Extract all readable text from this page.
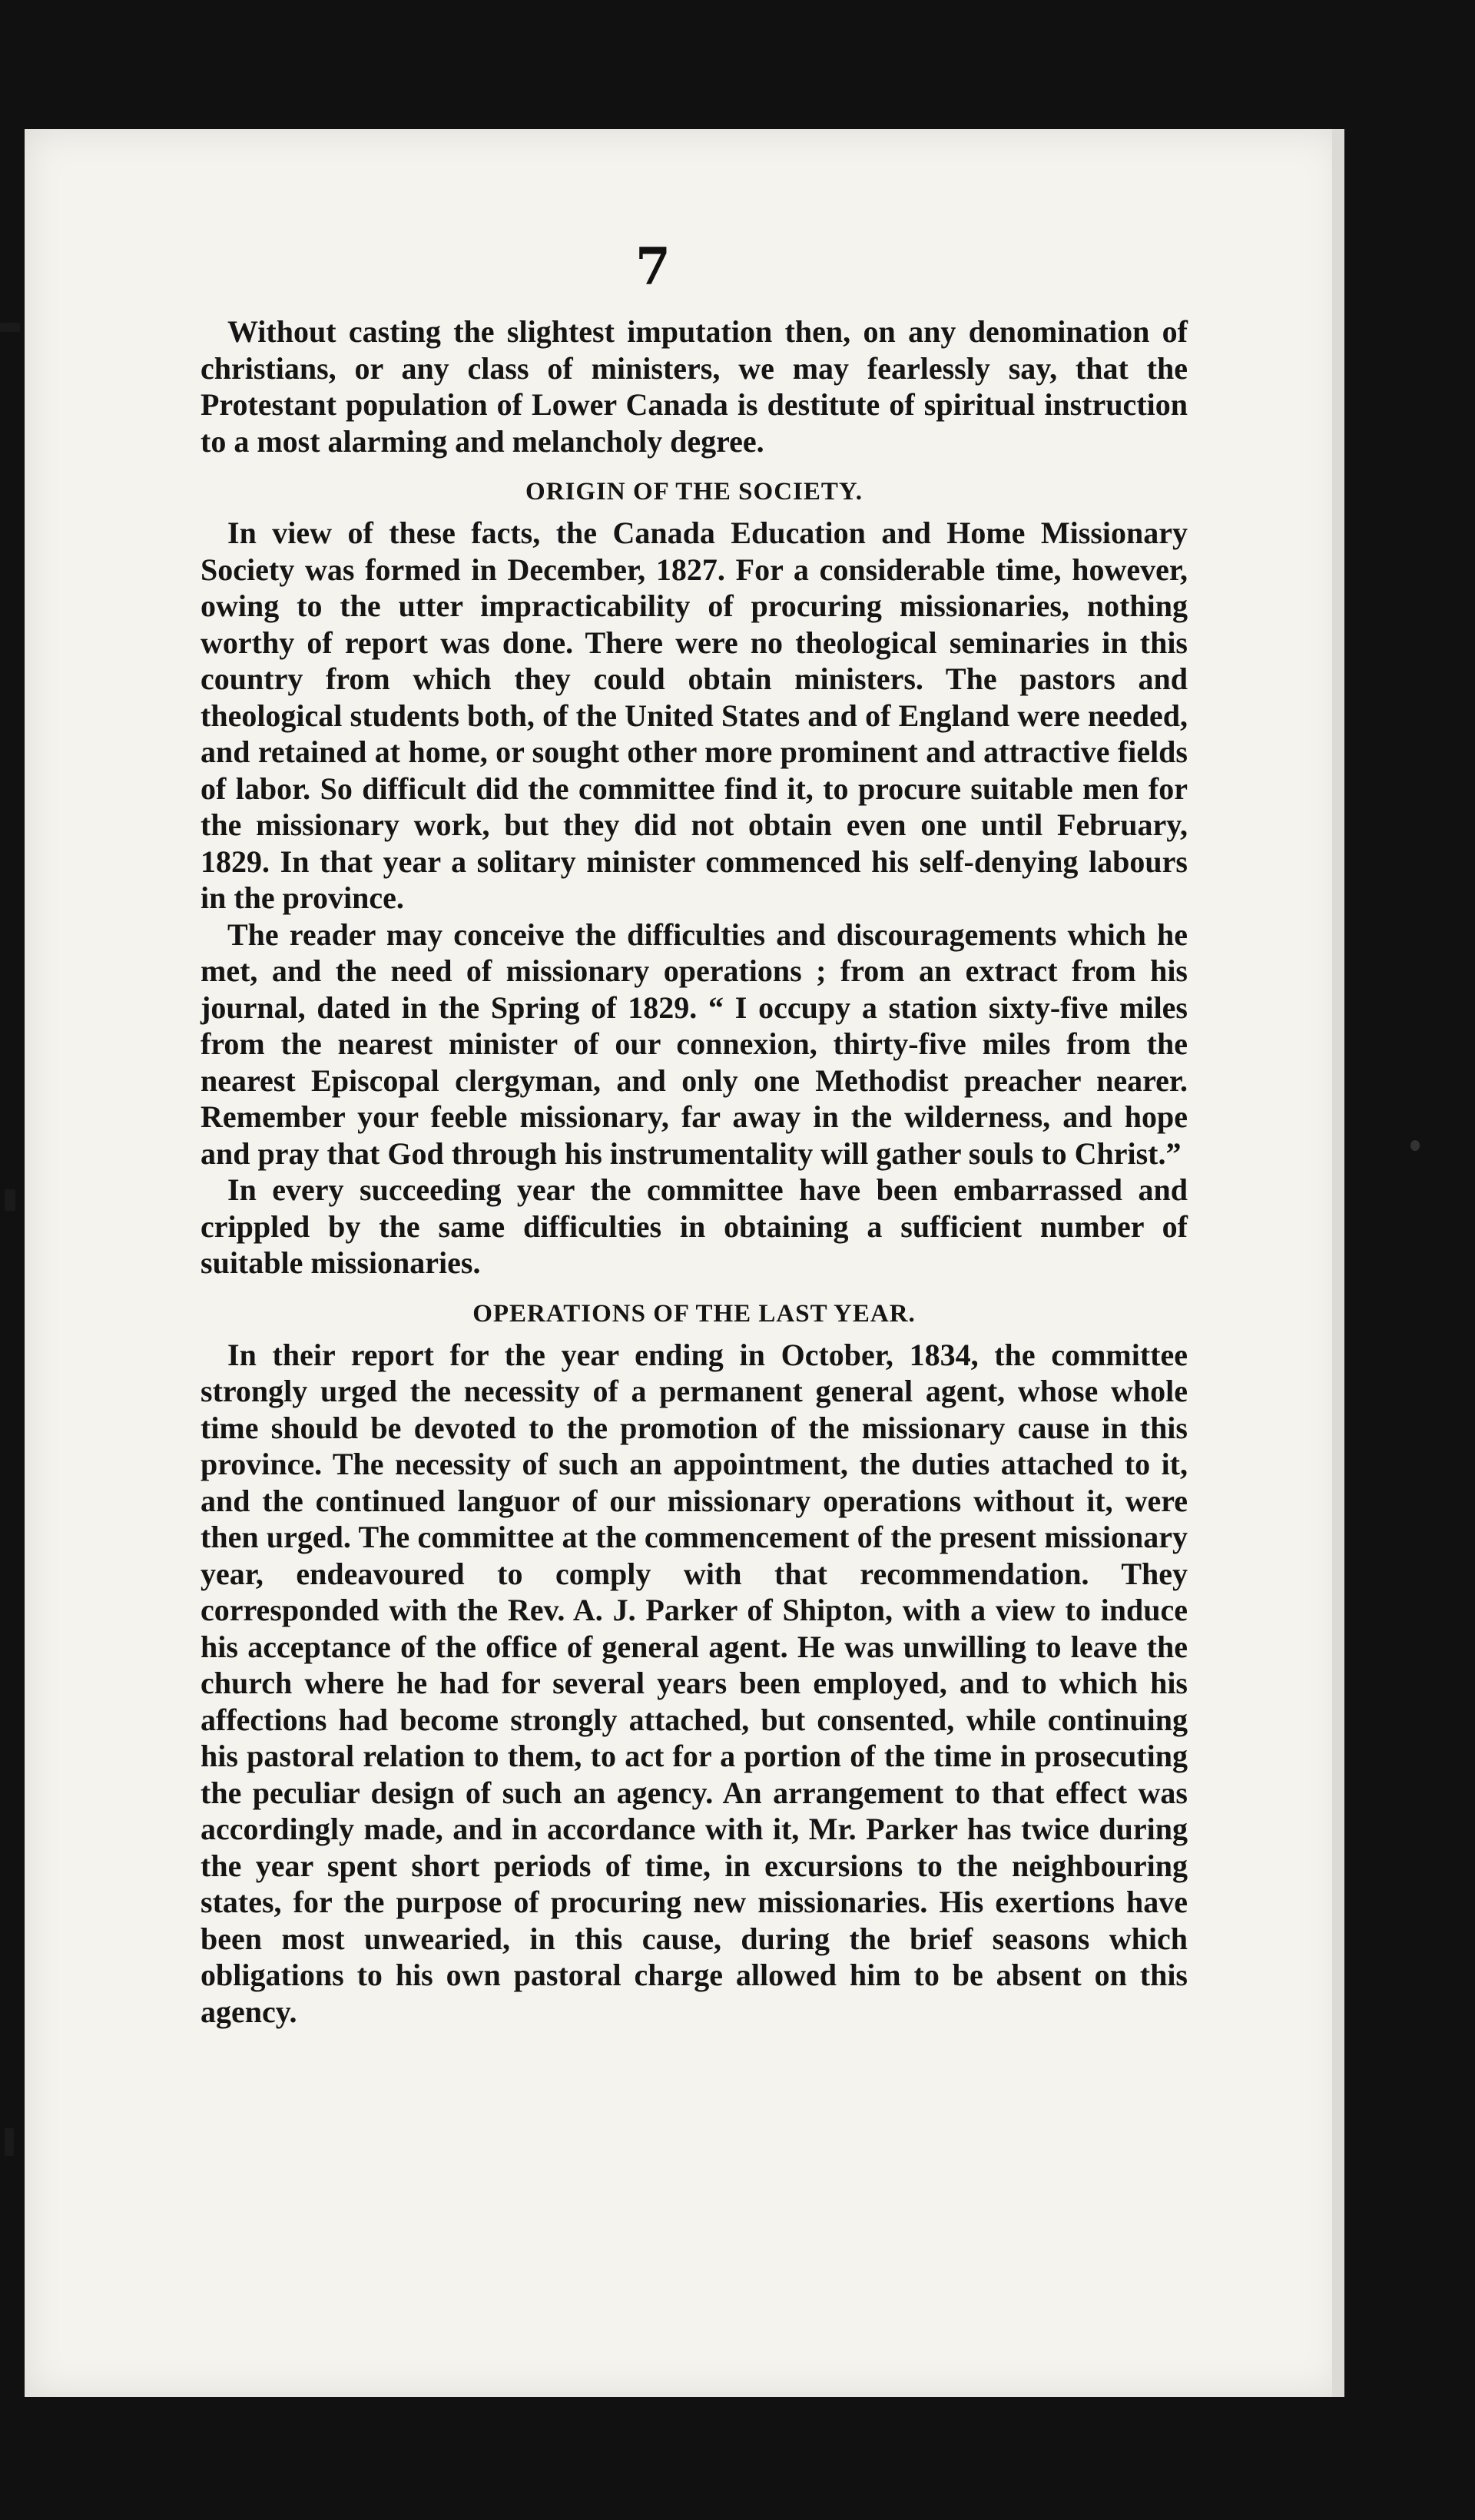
7

Without casting the slightest imputation then, on any denomination of christians, or any class of ministers, we may fearlessly say, that the Protestant population of Lower Canada is destitute of spiritual instruction to a most alarming and melancholy degree.

ORIGIN OF THE SOCIETY.

In view of these facts, the Canada Education and Home Missionary Society was formed in December, 1827. For a considerable time, however, owing to the utter impracticability of procuring missionaries, nothing worthy of report was done. There were no theological seminaries in this country from which they could obtain ministers. The pastors and theological students both, of the United States and of England were needed, and retained at home, or sought other more prominent and attractive fields of labor. So difficult did the committee find it, to procure suitable men for the missionary work, but they did not obtain even one until February, 1829. In that year a solitary minister commenced his self-denying labours in the province.

The reader may conceive the difficulties and discouragements which he met, and the need of missionary operations ; from an extract from his journal, dated in the Spring of 1829. “ I occupy a station sixty-five miles from the nearest minister of our connexion, thirty-five miles from the nearest Episcopal clergyman, and only one Methodist preacher nearer. Remember your feeble missionary, far away in the wilderness, and hope and pray that God through his instrumentality will gather souls to Christ.”

In every succeeding year the committee have been embarrassed and crippled by the same difficulties in obtaining a sufficient number of suitable missionaries.

OPERATIONS OF THE LAST YEAR.

In their report for the year ending in October, 1834, the committee strongly urged the necessity of a permanent general agent, whose whole time should be devoted to the promotion of the missionary cause in this province. The necessity of such an appointment, the duties attached to it, and the continued languor of our missionary operations without it, were then urged. The committee at the commencement of the present missionary year, endeavoured to comply with that recommendation. They corresponded with the Rev. A. J. Parker of Shipton, with a view to induce his acceptance of the office of general agent. He was unwilling to leave the church where he had for several years been employed, and to which his affections had become strongly attached, but consented, while continuing his pastoral relation to them, to act for a portion of the time in prosecuting the peculiar design of such an agency. An arrangement to that effect was accordingly made, and in accordance with it, Mr. Parker has twice during the year spent short periods of time, in excursions to the neighbouring states, for the purpose of procuring new missionaries. His exertions have been most unwearied, in this cause, during the brief seasons which obligations to his own pastoral charge allowed him to be absent on this agency.
